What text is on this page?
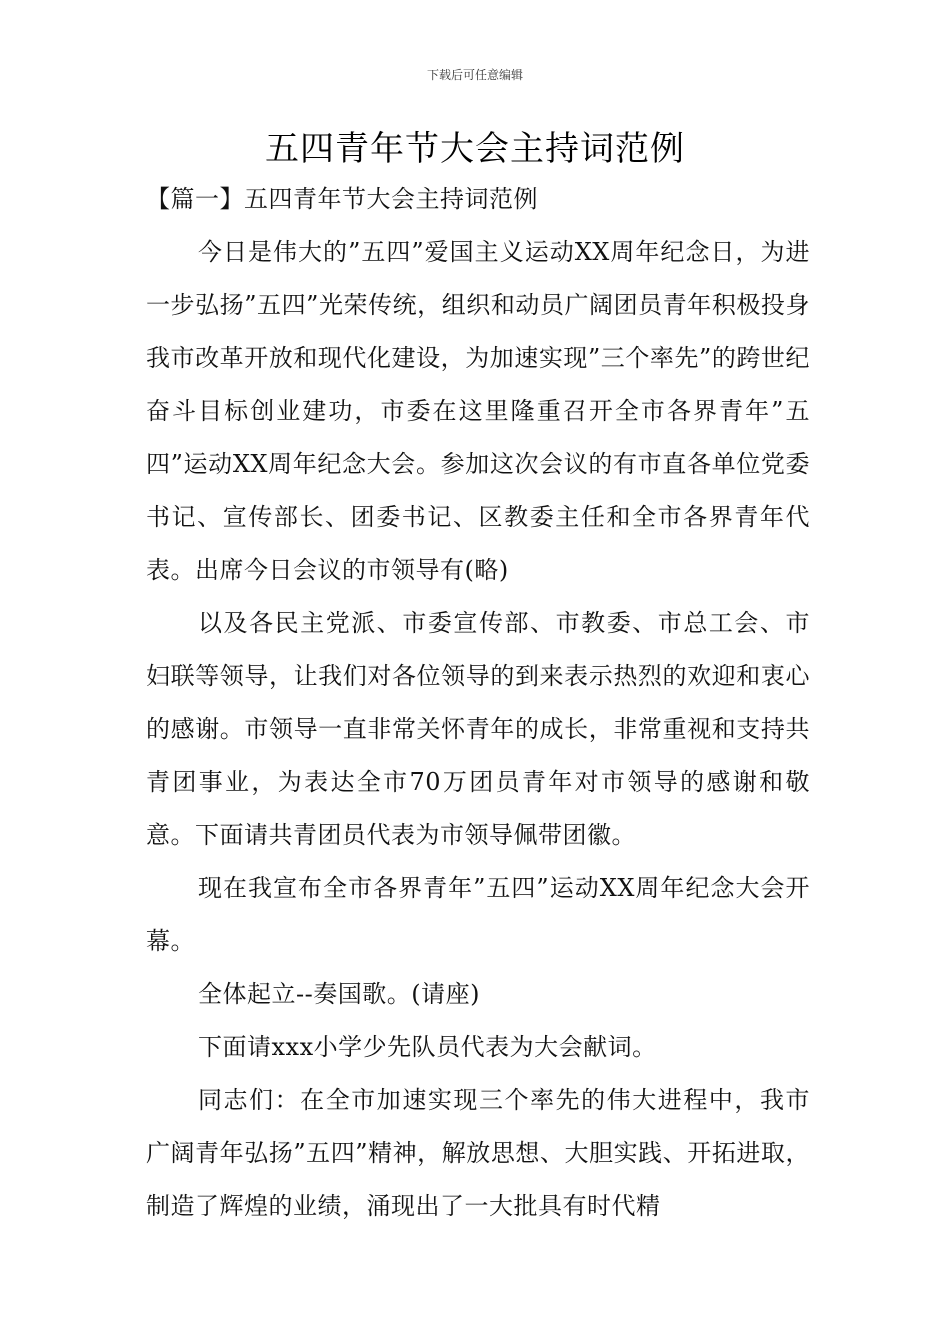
下载后可任意编辑
五四青年节大会主持词范例

【篇一】五四青年节大会主持词范例

今日是伟大的”五四”爱国主义运动XX周年纪念日，为进一步弘扬”五四”光荣传统，组织和动员广阔团员青年积极投身我市改革开放和现代化建设，为加速实现”三个率先”的跨世纪奋斗目标创业建功，市委在这里隆重召开全市各界青年”五四”运动XX周年纪念大会。参加这次会议的有市直各单位党委书记、宣传部长、团委书记、区教委主任和全市各界青年代表。出席今日会议的市领导有(略)

以及各民主党派、市委宣传部、市教委、市总工会、市妇联等领导，让我们对各位领导的到来表示热烈的欢迎和衷心的感谢。市领导一直非常关怀青年的成长，非常重视和支持共青团事业，为表达全市70万团员青年对市领导的感谢和敬意。下面请共青团员代表为市领导佩带团徽。

现在我宣布全市各界青年”五四”运动XX周年纪念大会开幕。

全体起立--奏国歌。(请座)

下面请xxx小学少先队员代表为大会献词。

同志们：在全市加速实现三个率先的伟大进程中，我市广阔青年弘扬”五四”精神，解放思想、大胆实践、开拓进取，制造了辉煌的业绩，涌现出了一大批具有时代精
